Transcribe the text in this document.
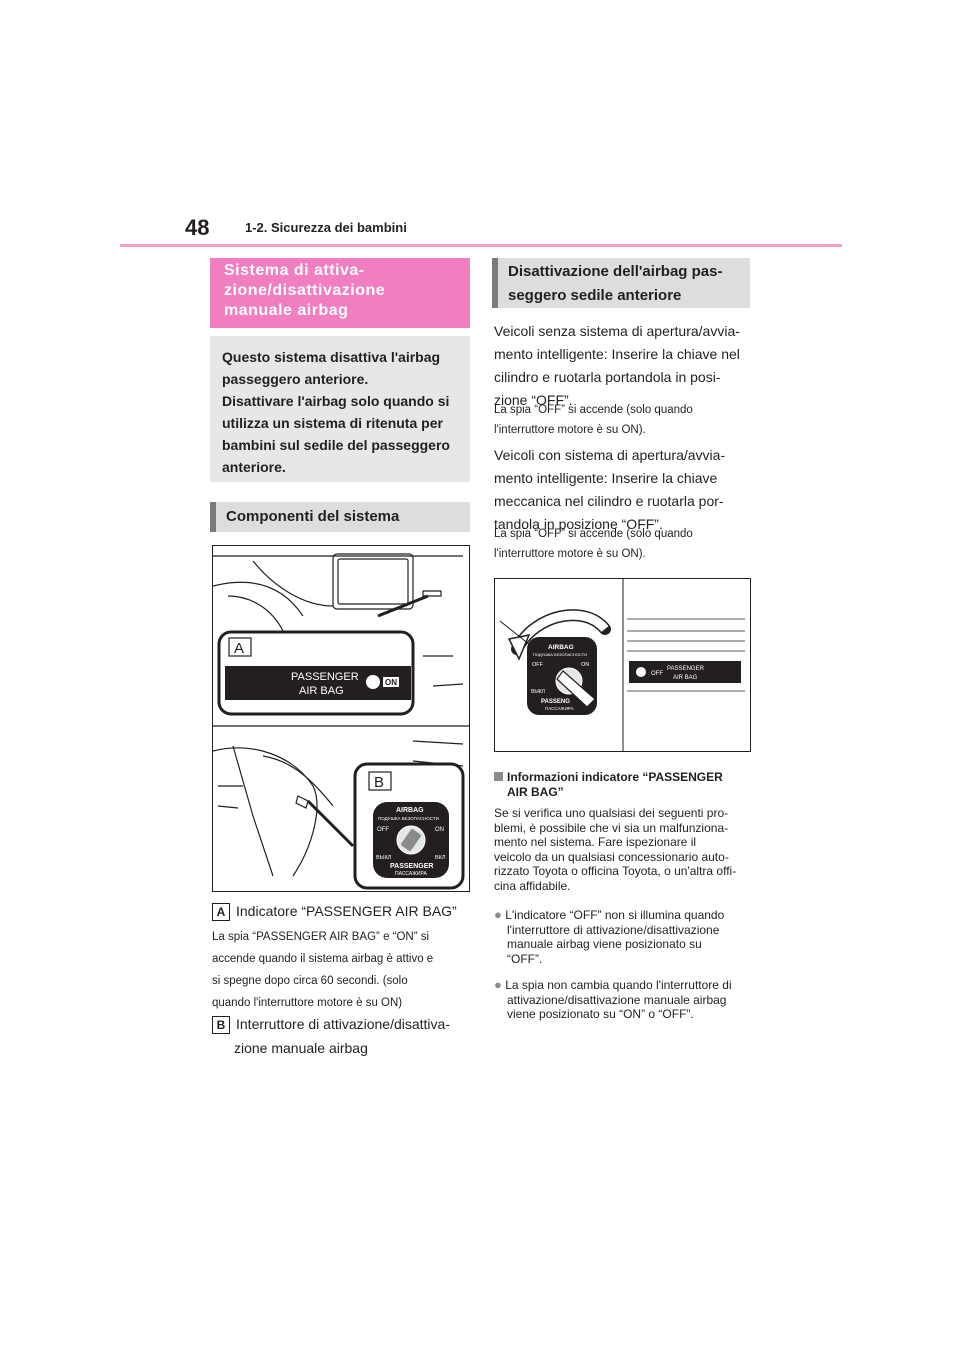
48	1-2. Sicurezza dei bambini
Sistema di attiva-
zione/disattivazione
manuale airbag
Questo sistema disattiva l'airbag
passeggero anteriore.
Disattivare l'airbag solo quando si
utilizza un sistema di ritenuta per
bambini sul sedile del passeggero
anteriore.
Componenti del sistema
A
PASSENGER
AIR BAG
ON
B
AIRBAG
ПОДУШКА БЕЗОПАСНОСТИ
OFF	ON
ВЫКЛ	ВКЛ
PASSENGER
ПАССАЖИРА
A Indicatore “PASSENGER AIR BAG”
La spia “PASSENGER AIR BAG” e “ON” si
accende quando il sistema airbag è attivo e
si spegne dopo circa 60 secondi. (solo
quando l'interruttore motore è su ON)
B Interruttore di attivazione/disattiva-
zione manuale airbag
Disattivazione dell'airbag pas-
seggero sedile anteriore
Veicoli senza sistema di apertura/avvia-
mento intelligente: Inserire la chiave nel
cilindro e ruotarla portandola in posi-
zione “OFF”.
La spia “OFF” si accende (solo quando
l'interruttore motore è su ON).
Veicoli con sistema di apertura/avvia-
mento intelligente: Inserire la chiave
meccanica nel cilindro e ruotarla por-
tandola in posizione “OFF”.
La spia “OFF” si accende (solo quando
l'interruttore motore è su ON).
AIRBAG
ПОДУШКА БЕЗОПАСНОСТИ
OFF	ON
ВЫКЛ
PASSENG
ПАССАЖИРА
OFF
PASSENGER
AIR BAG
Informazioni indicatore “PASSENGER
AIR BAG”
Se si verifica uno qualsiasi dei seguenti pro-
blemi, è possibile che vi sia un malfunziona-
mento nel sistema. Fare ispezionare il
veicolo da un qualsiasi concessionario auto-
rizzato Toyota o officina Toyota, o un'altra offi-
cina affidabile.
● L'indicatore “OFF” non si illumina quando
l'interruttore di attivazione/disattivazione
manuale airbag viene posizionato su
“OFF”.
● La spia non cambia quando l'interruttore di
attivazione/disattivazione manuale airbag
viene posizionato su “ON” o “OFF”.
